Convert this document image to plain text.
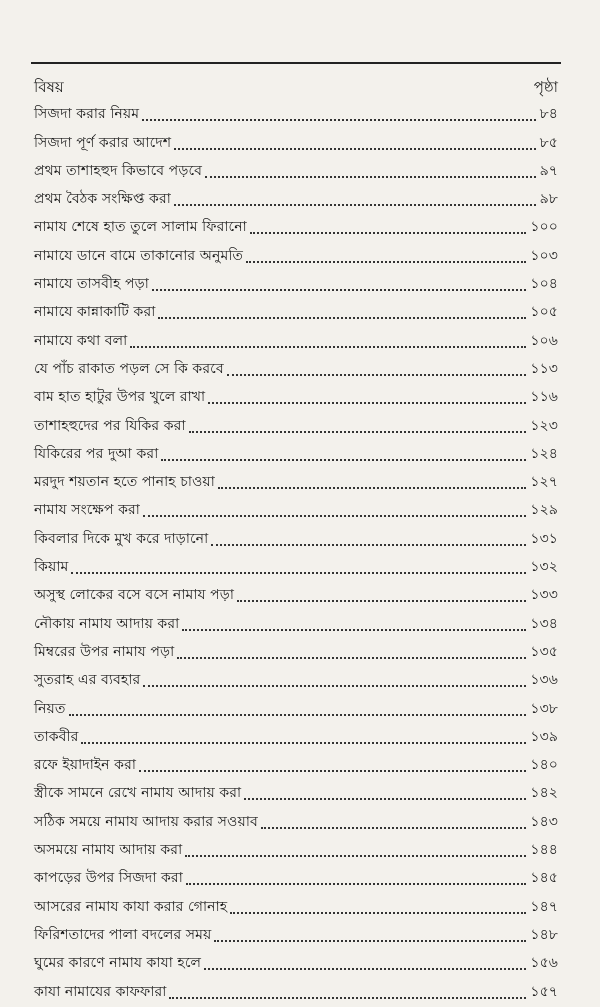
বিষয়	পৃষ্ঠা
সিজদা করার নিয়ম	৮৪
সিজদা পূর্ণ করার আদেশ	৮৫
প্রথম তাশাহহুদ কিভাবে পড়বে	৯৭
প্রথম বৈঠক সংক্ষিপ্ত করা	৯৮
নামায শেষে হাত তুলে সালাম ফিরানো	১০০
নামাযে ডানে বামে তাকানোর অনুমতি	১০৩
নামাযে তাসবীহ পড়া	১০৪
নামাযে কান্নাকাটি করা	১০৫
নামাযে কথা বলা	১০৬
যে পাঁচ রাকাত পড়ল সে কি করবে	১১৩
বাম হাত হাটুর উপর খুলে রাখা	১১৬
তাশাহহুদের পর যিকির করা	১২৩
যিকিরের পর দুআ করা	১২৪
মরদুদ শয়তান হতে পানাহ চাওয়া	১২৭
নামায সংক্ষেপ করা	১২৯
কিবলার দিকে মুখ করে দাড়ানো	১৩১
কিয়াম	১৩২
অসুস্থ লোকের বসে বসে নামায পড়া	১৩৩
নৌকায় নামায আদায় করা	১৩৪
মিম্বরের উপর নামায পড়া	১৩৫
সুতরাহ এর ব্যবহার	১৩৬
নিয়ত	১৩৮
তাকবীর	১৩৯
রফে ইয়াদাইন করা	১৪০
স্ত্রীকে সামনে রেখে নামায আদায় করা	১৪২
সঠিক সময়ে নামায আদায় করার সওয়াব	১৪৩
অসময়ে নামায আদায় করা	১৪৪
কাপড়ের উপর সিজদা করা	১৪৫
আসরের নামায কাযা করার গোনাহ	১৪৭
ফিরিশতাদের পালা বদলের সময়	১৪৮
ঘুমের কারণে নামায কাযা হলে	১৫৬
কাযা নামাযের কাফফারা	১৫৭
